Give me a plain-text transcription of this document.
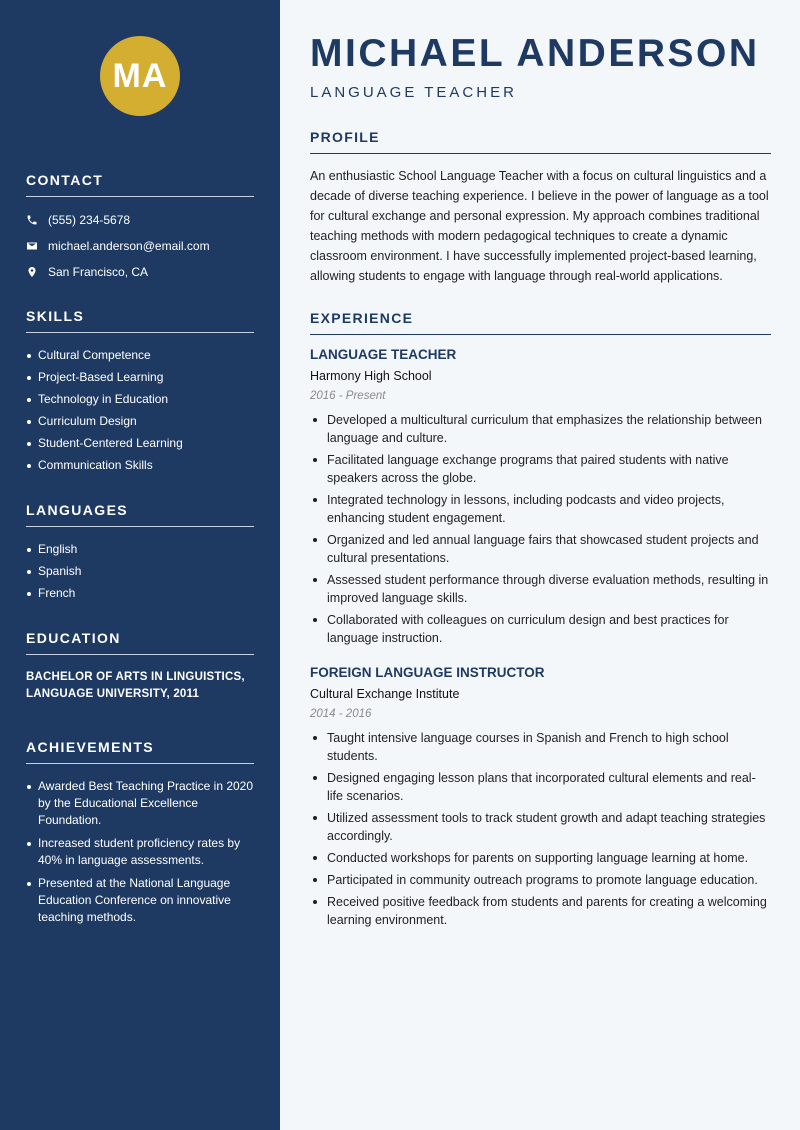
MA
CONTACT
(555) 234-5678
michael.anderson@email.com
San Francisco, CA
SKILLS
Cultural Competence
Project-Based Learning
Technology in Education
Curriculum Design
Student-Centered Learning
Communication Skills
LANGUAGES
English
Spanish
French
EDUCATION
BACHELOR OF ARTS IN LINGUISTICS,
LANGUAGE UNIVERSITY, 2011
ACHIEVEMENTS
Awarded Best Teaching Practice in 2020 by the Educational Excellence Foundation.
Increased student proficiency rates by 40% in language assessments.
Presented at the National Language Education Conference on innovative teaching methods.
MICHAEL ANDERSON
LANGUAGE TEACHER
PROFILE

An enthusiastic School Language Teacher with a focus on cultural linguistics and a decade of diverse teaching experience. I believe in the power of language as a tool for cultural exchange and personal expression. My approach combines traditional teaching methods with modern pedagogical techniques to create a dynamic classroom environment. I have successfully implemented project-based learning, allowing students to engage with language through real-world applications.

EXPERIENCE
LANGUAGE TEACHER
Harmony High School
2016 - Present
Developed a multicultural curriculum that emphasizes the relationship between language and culture.
Facilitated language exchange programs that paired students with native speakers across the globe.
Integrated technology in lessons, including podcasts and video projects, enhancing student engagement.
Organized and led annual language fairs that showcased student projects and cultural presentations.
Assessed student performance through diverse evaluation methods, resulting in improved language skills.
Collaborated with colleagues on curriculum design and best practices for language instruction.
FOREIGN LANGUAGE INSTRUCTOR
Cultural Exchange Institute
2014 - 2016
Taught intensive language courses in Spanish and French to high school students.
Designed engaging lesson plans that incorporated cultural elements and real-life scenarios.
Utilized assessment tools to track student growth and adapt teaching strategies accordingly.
Conducted workshops for parents on supporting language learning at home.
Participated in community outreach programs to promote language education.
Received positive feedback from students and parents for creating a welcoming learning environment.
